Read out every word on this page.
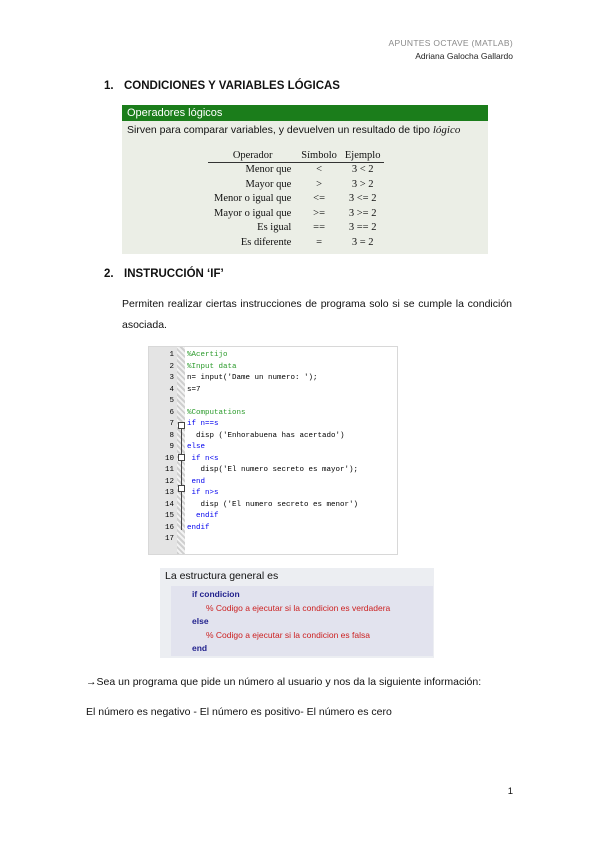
APUNTES OCTAVE (MATLAB)
Adriana Galocha Gallardo
1. CONDICIONES Y VARIABLES LÓGICAS
Operadores lógicos
Sirven para comparar variables, y devuelven un resultado de tipo lógico
Operador	Símbolo	Ejemplo
Menor que	<	3 < 2
Mayor que	>	3 > 2
Menor o igual que	<=	3 <= 2
Mayor o igual que	>=	3 >= 2
Es igual	==	3 == 2
Es diferente	=	3 = 2
2. INSTRUCCIÓN ‘IF’
Permiten realizar ciertas instrucciones de programa solo si se cumple la condición asociada.
1 %Acertijo
2 %Input data
3 n= input('Dame un numero: ');
4 s=7
5
6 %Computations
7 if n==s
8 disp ('Enhorabuena has acertado')
9 else
10 if n<s
11 disp('El numero secreto es mayor');
12 end
13 if n>s
14 disp ('El numero secreto es menor')
15 endif
16 endif
17
La estructura general es
if condicion
% Codigo a ejecutar si la condicion es verdadera
else
% Codigo a ejecutar si la condicion es falsa
end
→Sea un programa que pide un número al usuario y nos da la siguiente información:
El número es negativo - El número es positivo- El número es cero
1
